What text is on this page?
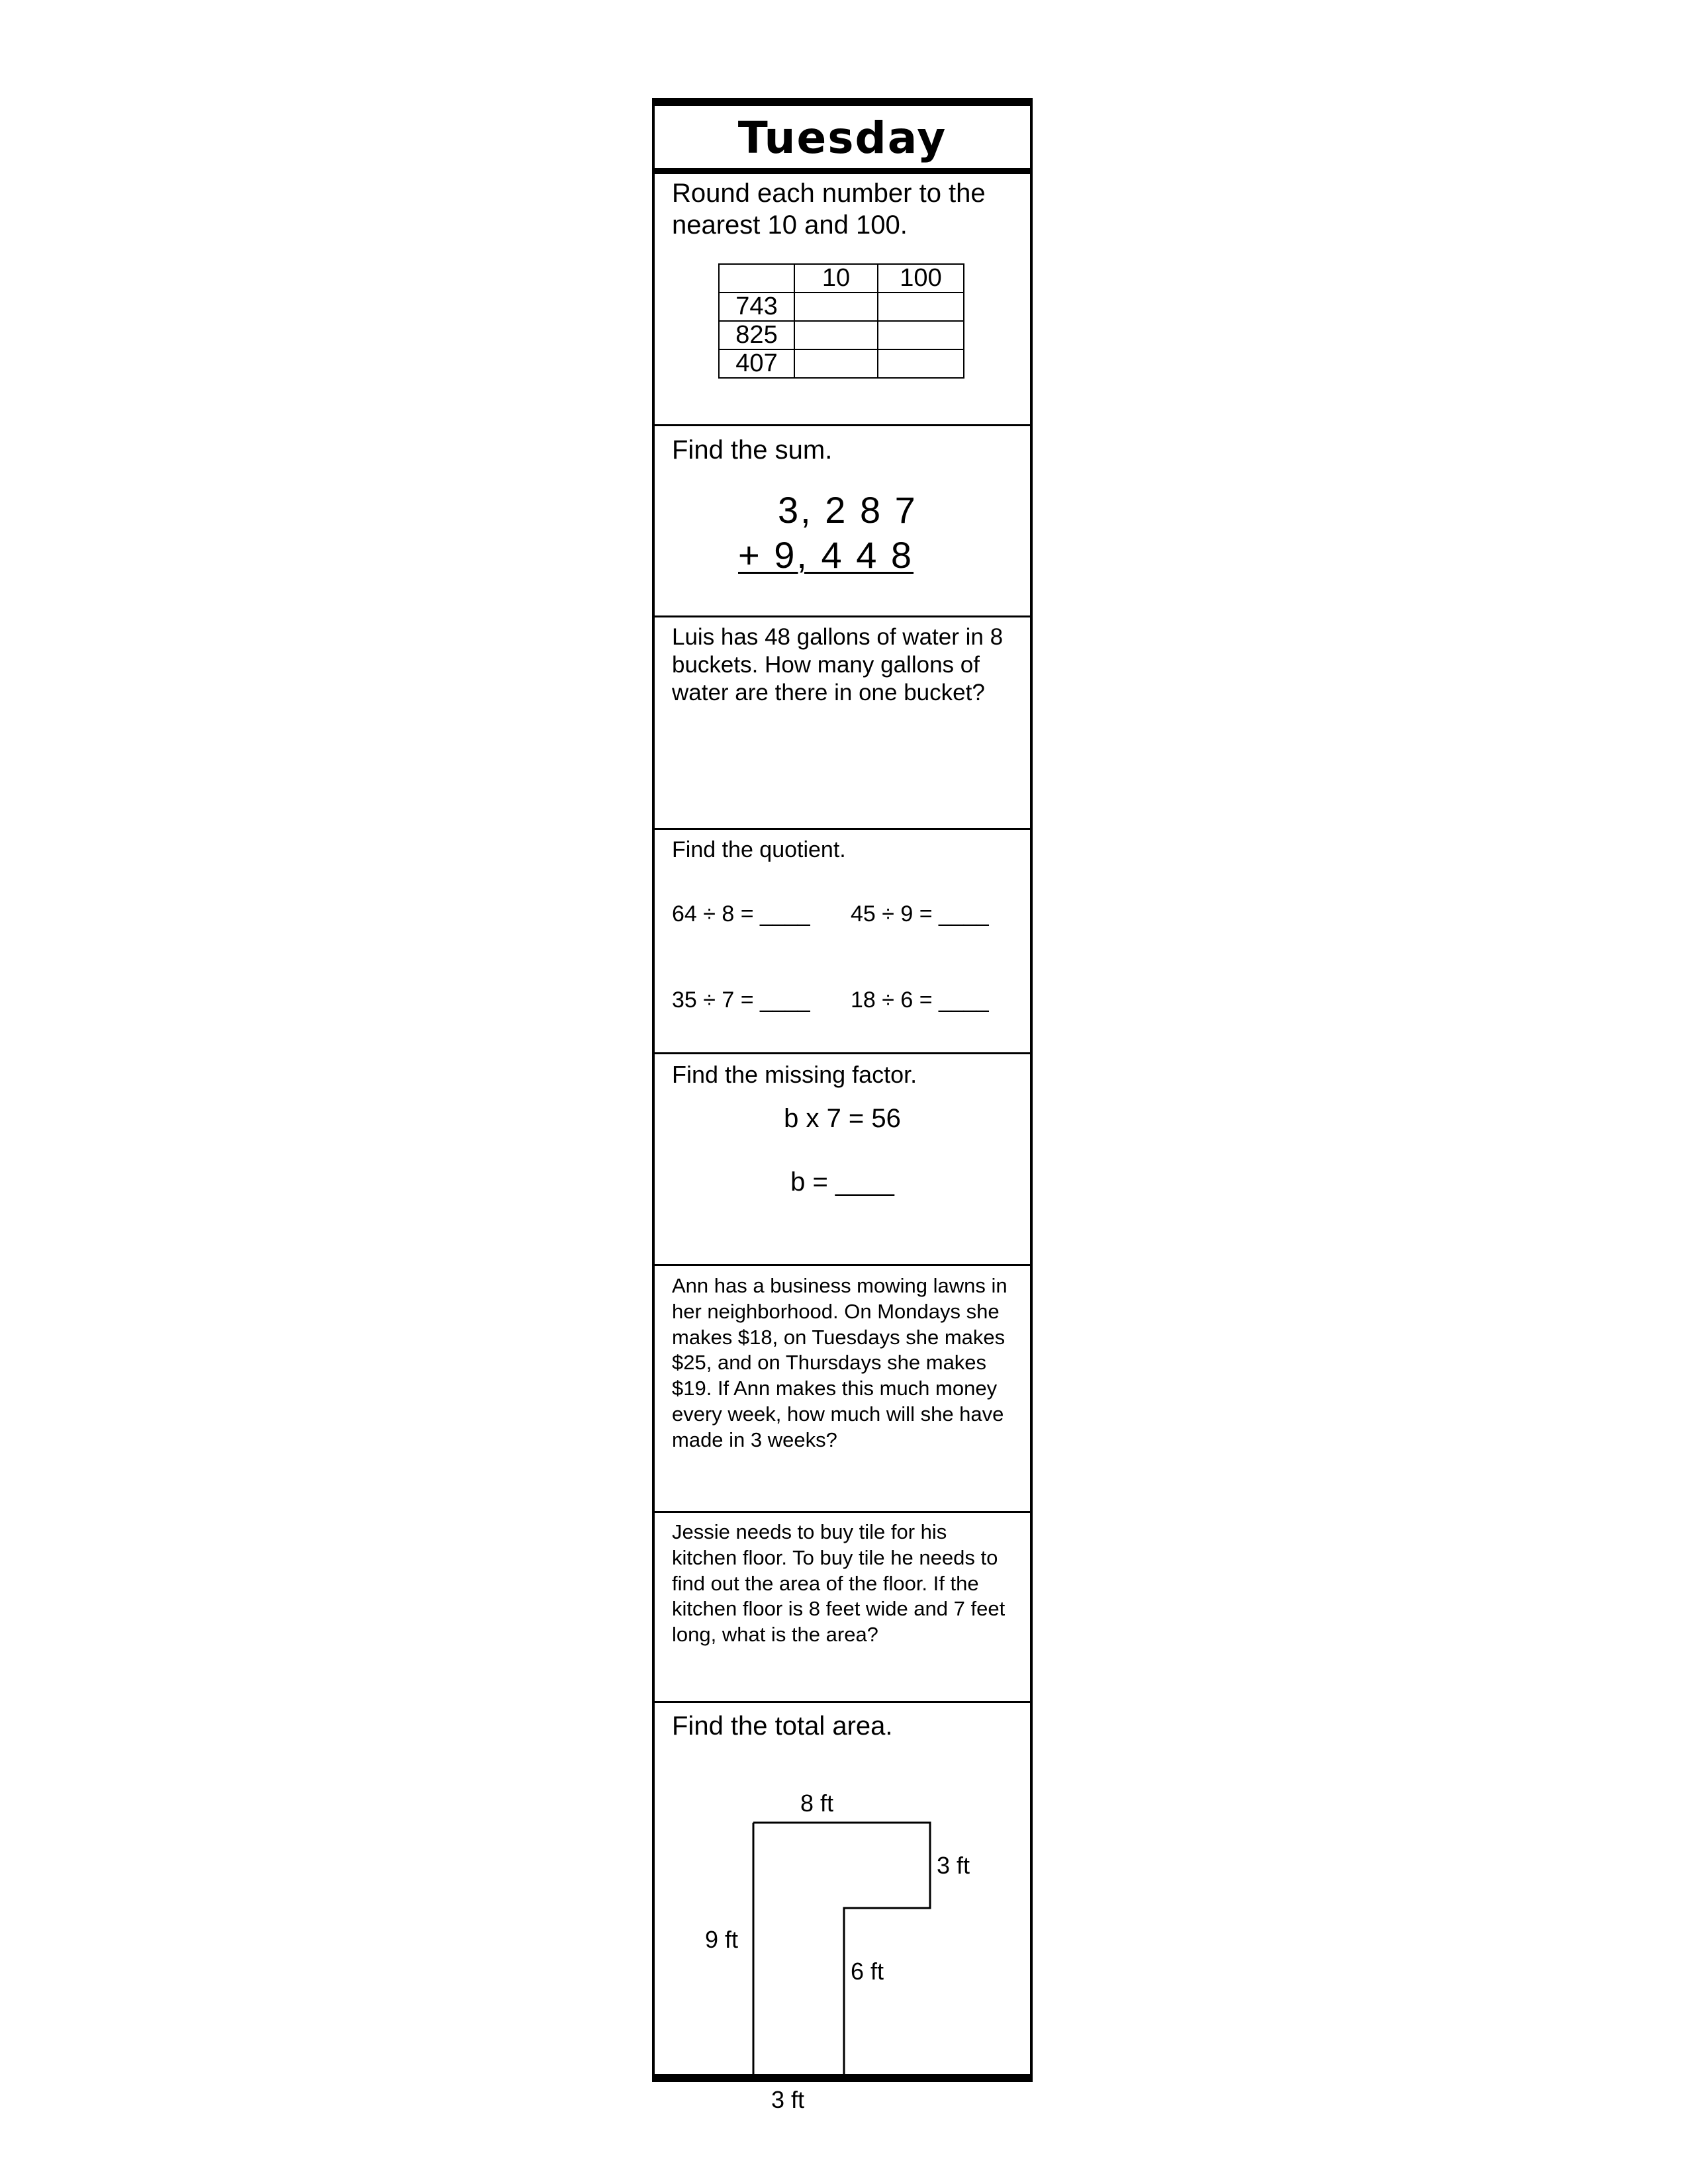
Tuesday
Round each number to the nearest 10 and 100.
	10	100
743		
825		
407		
Find the sum.
3, 2 8 7
+ 9, 4 4 8
Luis has 48 gallons of water in 8 buckets. How many gallons of water are there in one bucket?
Find the quotient.
64 ÷ 8 = ____ 45 ÷ 9 = ____
35 ÷ 7 = ____ 18 ÷ 6 = ____
Find the missing factor.
b x 7 = 56
b = ____
Ann has a business mowing lawns in her neighborhood. On Mondays she makes $18, on Tuesdays she makes $25, and on Thursdays she makes $19. If Ann makes this much money every week, how much will she have made in 3 weeks?
Jessie needs to buy tile for his kitchen floor. To buy tile he needs to find out the area of the floor. If the kitchen floor is 8 feet wide and 7 feet long, what is the area?
Find the total area.
8 ft
3 ft
9 ft
6 ft
3 ft
